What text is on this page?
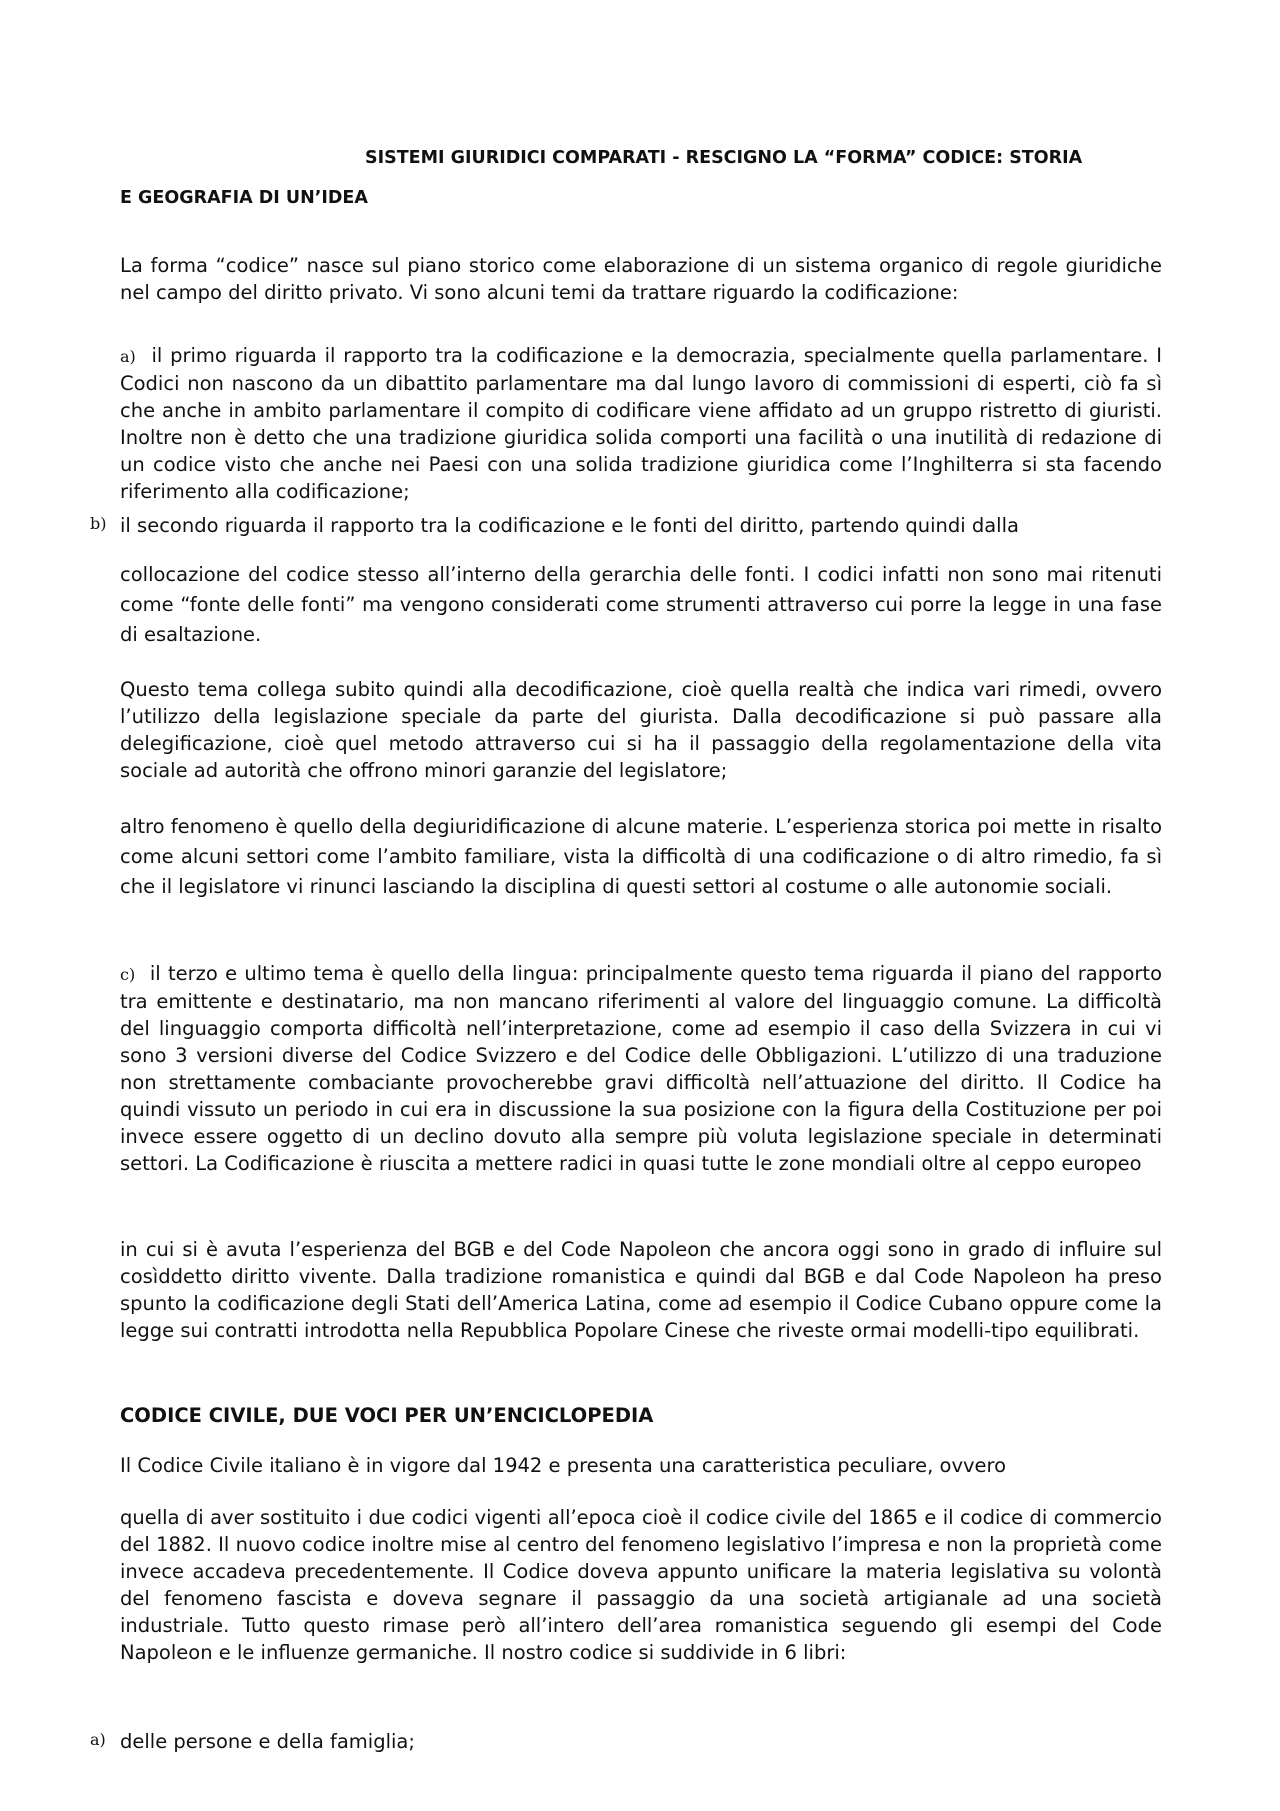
SISTEMI GIURIDICI COMPARATI - RESCIGNO LA “FORMA” CODICE: STORIA
E GEOGRAFIA DI UN’IDEA

La forma “codice” nasce sul piano storico come elaborazione di un sistema organico di regole giuridiche nel campo del diritto privato. Vi sono alcuni temi da trattare riguardo la codificazione:

a) il primo riguarda il rapporto tra la codificazione e la democrazia, specialmente quella parlamentare. I Codici non nascono da un dibattito parlamentare ma dal lungo lavoro di commissioni di esperti, ciò fa sì che anche in ambito parlamentare il compito di codificare viene affidato ad un gruppo ristretto di giuristi. Inoltre non è detto che una tradizione giuridica solida comporti una facilità o una inutilità di redazione di un codice visto che anche nei Paesi con una solida tradizione giuridica come l’Inghilterra si sta facendo riferimento alla codificazione;

b) il secondo riguarda il rapporto tra la codificazione e le fonti del diritto, partendo quindi dalla

collocazione del codice stesso all’interno della gerarchia delle fonti. I codici infatti non sono mai ritenuti come “fonte delle fonti” ma vengono considerati come strumenti attraverso cui porre la legge in una fase di esaltazione.

Questo tema collega subito quindi alla decodificazione, cioè quella realtà che indica vari rimedi, ovvero l’utilizzo della legislazione speciale da parte del giurista. Dalla decodificazione si può passare alla delegificazione, cioè quel metodo attraverso cui si ha il passaggio della regolamentazione della vita sociale ad autorità che offrono minori garanzie del legislatore;

altro fenomeno è quello della degiuridificazione di alcune materie. L’esperienza storica poi mette in risalto come alcuni settori come l’ambito familiare, vista la difficoltà di una codificazione o di altro rimedio, fa sì che il legislatore vi rinunci lasciando la disciplina di questi settori al costume o alle autonomie sociali.

c) il terzo e ultimo tema è quello della lingua: principalmente questo tema riguarda il piano del rapporto tra emittente e destinatario, ma non mancano riferimenti al valore del linguaggio comune. La difficoltà del linguaggio comporta difficoltà nell’interpretazione, come ad esempio il caso della Svizzera in cui vi sono 3 versioni diverse del Codice Svizzero e del Codice delle Obbligazioni. L’utilizzo di una traduzione non strettamente combaciante provocherebbe gravi difficoltà nell’attuazione del diritto. Il Codice ha quindi vissuto un periodo in cui era in discussione la sua posizione con la figura della Costituzione per poi invece essere oggetto di un declino dovuto alla sempre più voluta legislazione speciale in determinati settori. La Codificazione è riuscita a mettere radici in quasi tutte le zone mondiali oltre al ceppo europeo

in cui si è avuta l’esperienza del BGB e del Code Napoleon che ancora oggi sono in grado di influire sul cosìddetto diritto vivente. Dalla tradizione romanistica e quindi dal BGB e dal Code Napoleon ha preso spunto la codificazione degli Stati dell’America Latina, come ad esempio il Codice Cubano oppure come la legge sui contratti introdotta nella Repubblica Popolare Cinese che riveste ormai modelli-tipo equilibrati.

CODICE CIVILE, DUE VOCI PER UN’ENCICLOPEDIA

Il Codice Civile italiano è in vigore dal 1942 e presenta una caratteristica peculiare, ovvero

quella di aver sostituito i due codici vigenti all’epoca cioè il codice civile del 1865 e il codice di commercio del 1882. Il nuovo codice inoltre mise al centro del fenomeno legislativo l’impresa e non la proprietà come invece accadeva precedentemente. Il Codice doveva appunto unificare la materia legislativa su volontà del fenomeno fascista e doveva segnare il passaggio da una società artigianale ad una società industriale. Tutto questo rimase però all’intero dell’area romanistica seguendo gli esempi del Code Napoleon e le influenze germaniche. Il nostro codice si suddivide in 6 libri:

a) delle persone e della famiglia;
